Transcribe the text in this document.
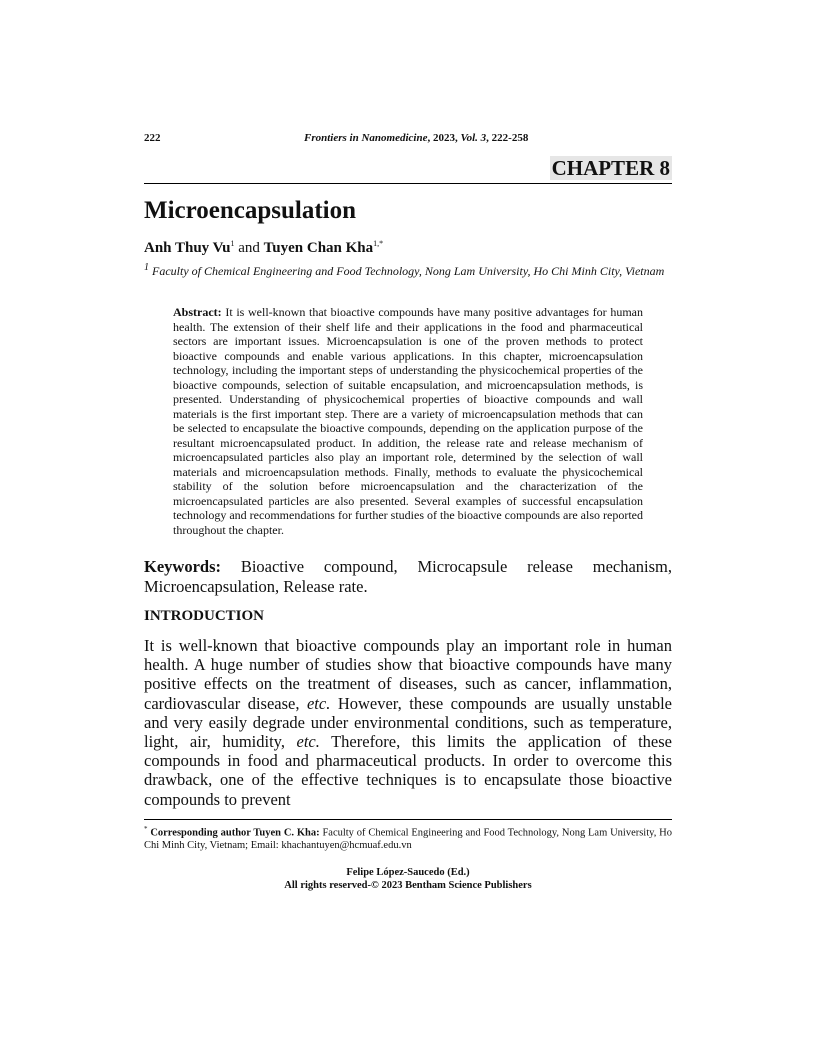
222	Frontiers in Nanomedicine, 2023, Vol. 3, 222-258
CHAPTER 8
Microencapsulation
Anh Thuy Vu$^1$ and Tuyen Chan Kha$^{1,*}$
$^1$ Faculty of Chemical Engineering and Food Technology, Nong Lam University, Ho Chi Minh City, Vietnam
Abstract: It is well-known that bioactive compounds have many positive advantages for human health. The extension of their shelf life and their applications in the food and pharmaceutical sectors are important issues. Microencapsulation is one of the proven methods to protect bioactive compounds and enable various applications. In this chapter, microencapsulation technology, including the important steps of understanding the physicochemical properties of the bioactive compounds, selection of suitable encapsulation, and microencapsulation methods, is presented. Understanding of physicochemical properties of bioactive compounds and wall materials is the first important step. There are a variety of microencapsulation methods that can be selected to encapsulate the bioactive compounds, depending on the application purpose of the resultant microencapsulated product. In addition, the release rate and release mechanism of microencapsulated particles also play an important role, determined by the selection of wall materials and microencapsulation methods. Finally, methods to evaluate the physicochemical stability of the solution before microencapsulation and the characterization of the microencapsulated particles are also presented. Several examples of successful encapsulation technology and recommendations for further studies of the bioactive compounds are also reported throughout the chapter.
Keywords: Bioactive compound, Microcapsule release mechanism, Microencapsulation, Release rate.
INTRODUCTION
It is well-known that bioactive compounds play an important role in human health. A huge number of studies show that bioactive compounds have many positive effects on the treatment of diseases, such as cancer, inflammation, cardiovascular disease, etc. However, these compounds are usually unstable and very easily degrade under environmental conditions, such as temperature, light, air, humidity, etc. Therefore, this limits the application of these compounds in food and pharmaceutical products. In order to overcome this drawback, one of the effective techniques is to encapsulate those bioactive compounds to prevent
* Corresponding author Tuyen C. Kha: Faculty of Chemical Engineering and Food Technology, Nong Lam University, Ho Chi Minh City, Vietnam; Email: khachantuyen@hcmuaf.edu.vn
Felipe López-Saucedo (Ed.)
All rights reserved-© 2023 Bentham Science Publishers
